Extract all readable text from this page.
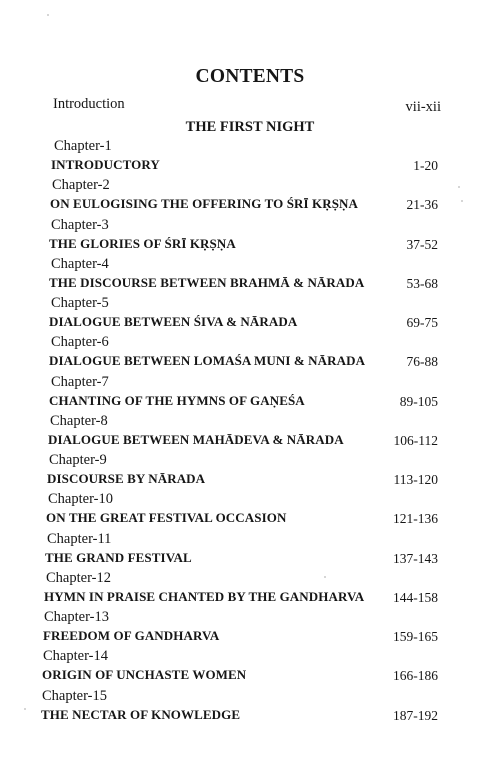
CONTENTS
Introduction	vii-xii
THE FIRST NIGHT
Chapter-1
INTRODUCTORY	1-20
Chapter-2
ON EULOGISING THE OFFERING TO ŚRĪ KṚṢṆA	21-36
Chapter-3
THE GLORIES OF ŚRĪ KṚṢṆA	37-52
Chapter-4
THE DISCOURSE BETWEEN BRAHMĀ & NĀRADA	53-68
Chapter-5
DIALOGUE BETWEEN ŚIVA & NĀRADA	69-75
Chapter-6
DIALOGUE BETWEEN LOMAŚA MUNI & NĀRADA	76-88
Chapter-7
CHANTING OF THE HYMNS OF GAṆEŚA	89-105
Chapter-8
DIALOGUE BETWEEN MAHĀDEVA & NĀRADA	106-112
Chapter-9
DISCOURSE BY NĀRADA	113-120
Chapter-10
ON THE GREAT FESTIVAL OCCASION	121-136
Chapter-11
THE GRAND FESTIVAL	137-143
Chapter-12
HYMN IN PRAISE CHANTED BY THE GANDHARVA 144-158
Chapter-13
FREEDOM OF GANDHARVA	159-165
Chapter-14
ORIGIN OF UNCHASTE WOMEN	166-186
Chapter-15
THE NECTAR OF KNOWLEDGE	187-192
